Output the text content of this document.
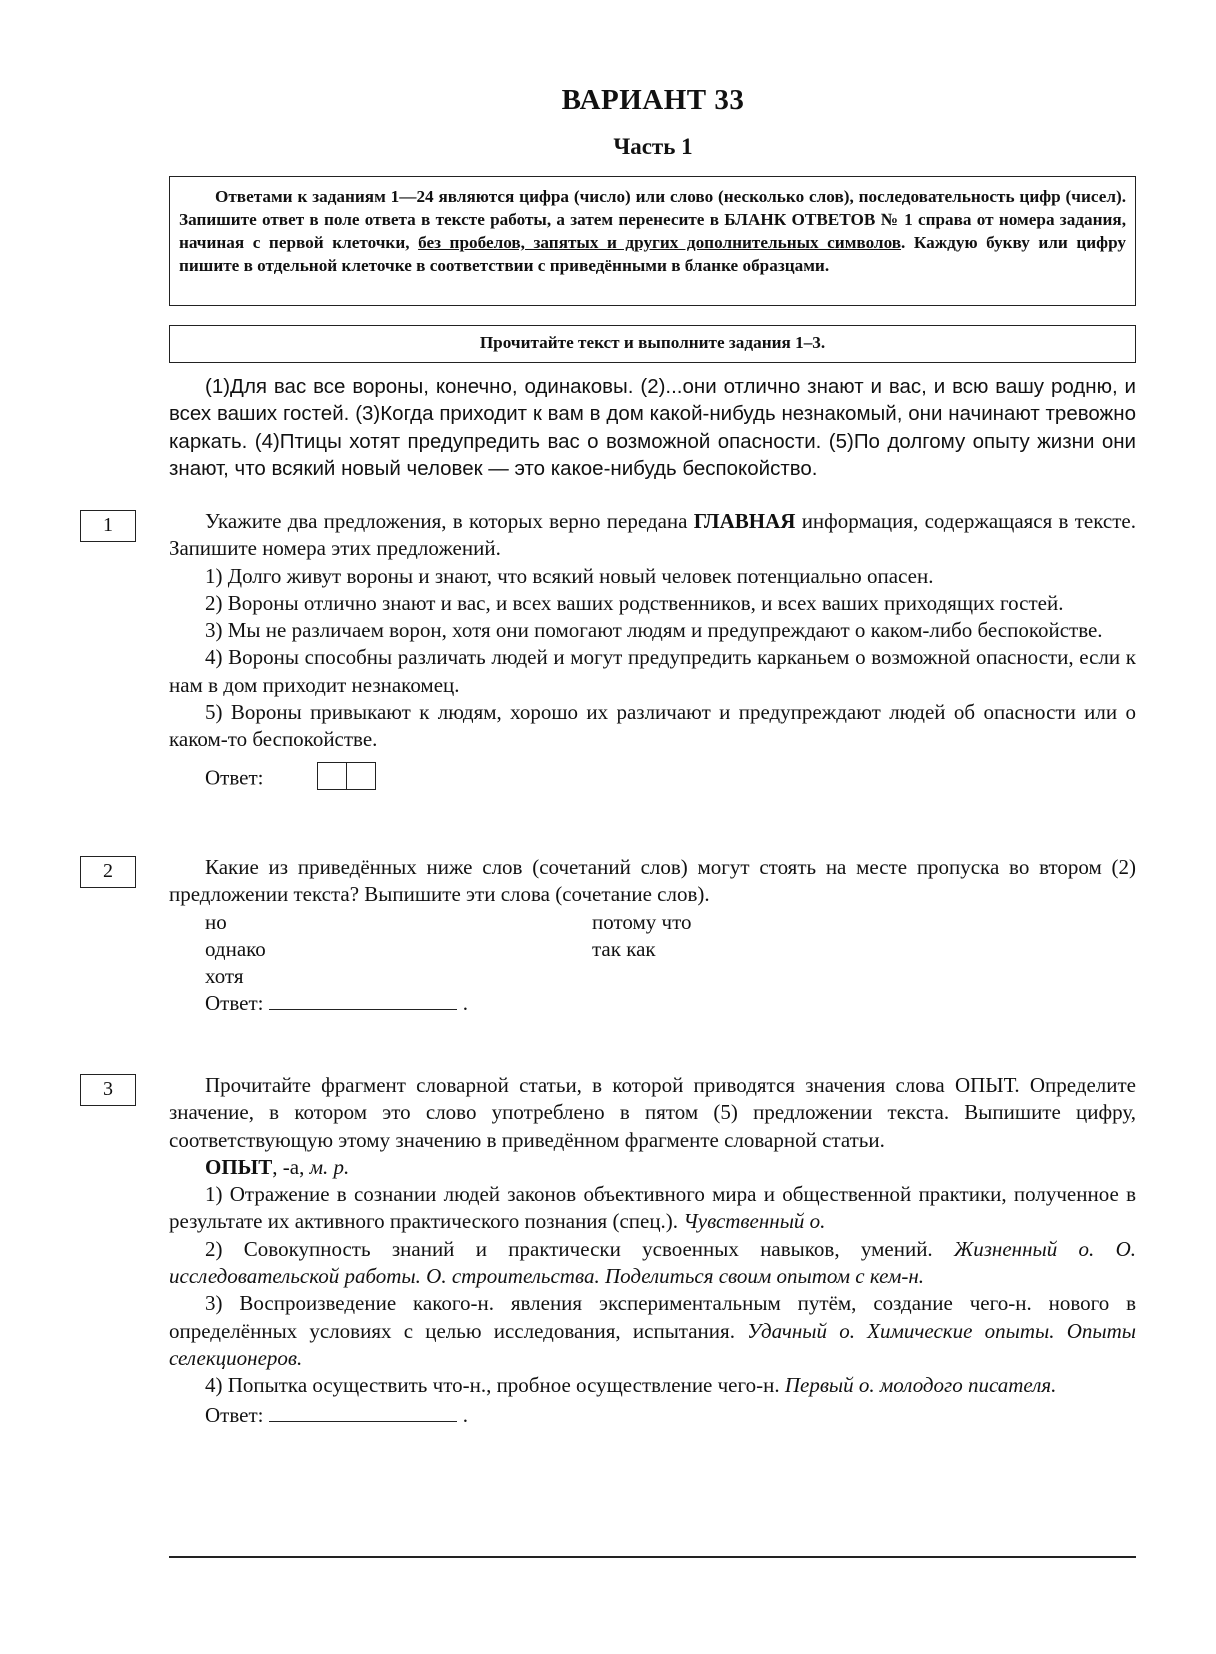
ВАРИАНТ 33
Часть 1
Ответами к заданиям 1—24 являются цифра (число) или слово (несколько слов), последовательность цифр (чисел). Запишите ответ в поле ответа в тексте работы, а затем перенесите в БЛАНК ОТВЕТОВ № 1 справа от номера задания, начиная с первой клеточки, без пробелов, запятых и других дополнительных символов. Каждую букву или цифру пишите в отдельной клеточке в соответствии с приведёнными в бланке образцами.
Прочитайте текст и выполните задания 1–3.
(1)Для вас все вороны, конечно, одинаковы. (2)...они отлично знают и вас, и всю вашу родню, и всех ваших гостей. (3)Когда приходит к вам в дом какой-нибудь незнакомый, они начинают тревожно каркать. (4)Птицы хотят предупредить вас о возможной опасности. (5)По долгому опыту жизни они знают, что всякий новый человек — это какое-нибудь беспокойство.
1	Укажите два предложения, в которых верно передана ГЛАВНАЯ информация, содержащаяся в тексте. Запишите номера этих предложений.

1) Долго живут вороны и знают, что всякий новый человек потенциально опасен.

2) Вороны отлично знают и вас, и всех ваших родственников, и всех ваших приходящих гостей.

3) Мы не различаем ворон, хотя они помогают людям и предупреждают о каком-либо беспокойстве.

4) Вороны способны различать людей и могут предупредить карканьем о возможной опасности, если к нам в дом приходит незнакомец.

5) Вороны привыкают к людям, хорошо их различают и предупреждают людей об опасности или о каком-то беспокойстве.

Ответ:

2	Какие из приведённых ниже слов (сочетаний слов) могут стоять на месте пропуска во втором (2) предложении текста? Выпишите эти слова (сочетание слов).

но
однако
хотя
Ответ:	.
потому что
так как
3	Прочитайте фрагмент словарной статьи, в которой приводятся значения слова ОПЫТ. Определите значение, в котором это слово употреблено в пятом (5) предложении текста. Выпишите цифру, соответствующую этому значению в приведённом фрагменте словарной статьи.

ОПЫТ, -а, м. р.

1) Отражение в сознании людей законов объективного мира и общественной практики, полученное в результате их активного практического познания (спец.). Чувственный о.

2) Совокупность знаний и практически усвоенных навыков, умений. Жизненный о. О. исследовательской работы. О. строительства. Поделиться своим опытом с кем-н.

3) Воспроизведение какого-н. явления экспериментальным путём, создание чего-н. нового в определённых условиях с целью исследования, испытания. Удачный о. Химические опыты. Опыты селекционеров.

4) Попытка осуществить что-н., пробное осуществление чего-н. Первый о. молодого писателя.

Ответ:	.
